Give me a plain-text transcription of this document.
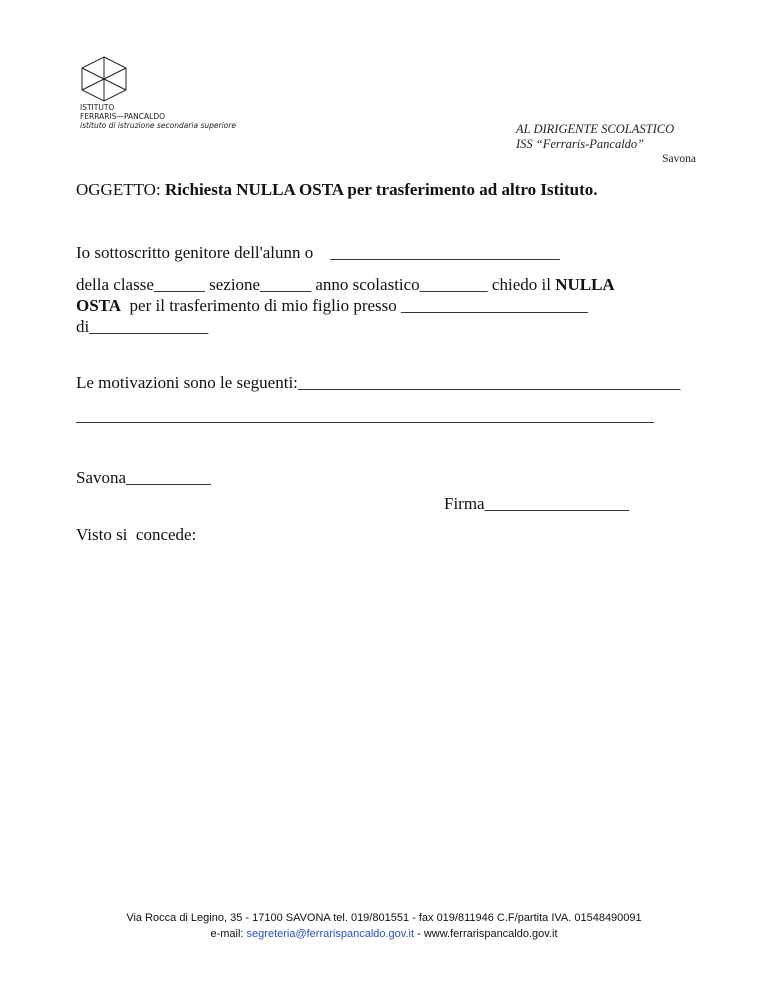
ISTITUTO
FERRARIS—PANCALDO
istituto di istruzione secondaria superiore	AL DIRIGENTE SCOLASTICO
ISS “Ferraris-Pancaldo”
Savona
OGGETTO: Richiesta NULLA OSTA per trasferimento ad altro Istituto.
Io sottoscritto genitore dell'alunn o    ___________________________
della classe______ sezione______ anno scolastico________ chiedo il NULLA
OSTA  per il trasferimento di mio figlio presso ______________________
di______________
Le motivazioni sono le seguenti:_____________________________________________
____________________________________________________________________
Savona__________
Firma_________________
Visto si  concede:
Via Rocca di Legino, 35 - 17100 SAVONA tel. 019/801551 - fax 019/811946 C.F/partita IVA. 01548490091
e-mail: segreteria@ferrarispancaldo.gov.it - www.ferrarispancaldo.gov.it
